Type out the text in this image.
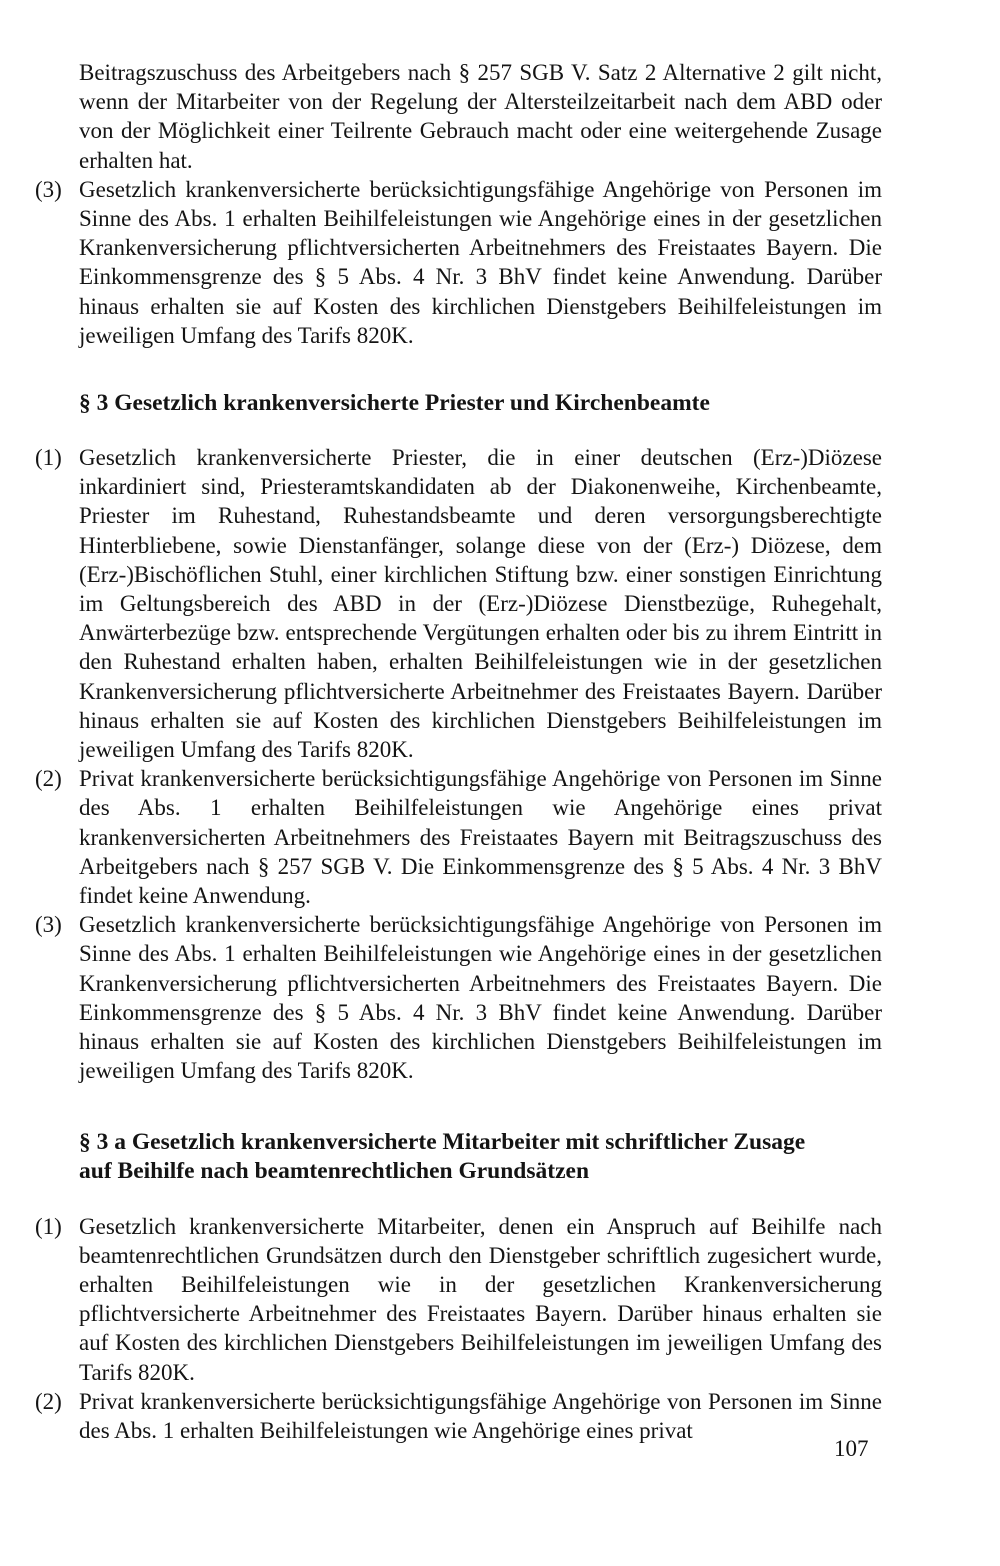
Beitragszuschuss des Arbeitgebers nach § 257 SGB V. Satz 2 Alternative 2 gilt nicht, wenn der Mitarbeiter von der Regelung der Altersteilzeitarbeit nach dem ABD oder von der Möglichkeit einer Teilrente Gebrauch macht oder eine weitergehende Zusage erhalten hat.

(3) Gesetzlich krankenversicherte berücksichtigungsfähige Angehörige von Personen im Sinne des Abs. 1 erhalten Beihilfeleistungen wie Angehörige eines in der gesetzlichen Krankenversicherung pflichtversicherten Arbeitnehmers des Freistaates Bayern. Die Einkommensgrenze des § 5 Abs. 4 Nr. 3 BhV findet keine Anwendung. Darüber hinaus erhalten sie auf Kosten des kirchlichen Dienstgebers Beihilfeleistungen im jeweiligen Umfang des Tarifs 820K.

§ 3 Gesetzlich krankenversicherte Priester und Kirchenbeamte
(1) Gesetzlich krankenversicherte Priester, die in einer deutschen (Erz-)Diözese inkardiniert sind, Priesteramtskandidaten ab der Diakonenweihe, Kirchenbeamte, Priester im Ruhestand, Ruhestandsbeamte und deren versorgungsberechtigte Hinterbliebene, sowie Dienstanfänger, solange diese von der (Erz-) Diözese, dem (Erz-)Bischöflichen Stuhl, einer kirchlichen Stiftung bzw. einer sonstigen Einrichtung im Geltungsbereich des ABD in der (Erz-)Diözese Dienstbezüge, Ruhegehalt, Anwärterbezüge bzw. entsprechende Vergütungen erhalten oder bis zu ihrem Eintritt in den Ruhestand erhalten haben, erhalten Beihilfeleistungen wie in der gesetzlichen Krankenversicherung pflichtversicherte Arbeitnehmer des Freistaates Bayern. Darüber hinaus erhalten sie auf Kosten des kirchlichen Dienstgebers Beihilfeleistungen im jeweiligen Umfang des Tarifs 820K.

(2) Privat krankenversicherte berücksichtigungsfähige Angehörige von Personen im Sinne des Abs. 1 erhalten Beihilfeleistungen wie Angehörige eines privat krankenversicherten Arbeitnehmers des Freistaates Bayern mit Beitragszuschuss des Arbeitgebers nach § 257 SGB V. Die Einkommensgrenze des § 5 Abs. 4 Nr. 3 BhV findet keine Anwendung.

(3) Gesetzlich krankenversicherte berücksichtigungsfähige Angehörige von Personen im Sinne des Abs. 1 erhalten Beihilfeleistungen wie Angehörige eines in der gesetzlichen Krankenversicherung pflichtversicherten Arbeitnehmers des Freistaates Bayern. Die Einkommensgrenze des § 5 Abs. 4 Nr. 3 BhV findet keine Anwendung. Darüber hinaus erhalten sie auf Kosten des kirchlichen Dienstgebers Beihilfeleistungen im jeweiligen Umfang des Tarifs 820K.

§ 3 a Gesetzlich krankenversicherte Mitarbeiter mit schriftlicher Zusage
auf Beihilfe nach beamtenrechtlichen Grundsätzen
(1) Gesetzlich krankenversicherte Mitarbeiter, denen ein Anspruch auf Beihilfe nach beamtenrechtlichen Grundsätzen durch den Dienstgeber schriftlich zugesichert wurde, erhalten Beihilfeleistungen wie in der gesetzlichen Krankenversicherung pflichtversicherte Arbeitnehmer des Freistaates Bayern. Darüber hinaus erhalten sie auf Kosten des kirchlichen Dienstgebers Beihilfeleistungen im jeweiligen Umfang des Tarifs 820K.

(2) Privat krankenversicherte berücksichtigungsfähige Angehörige von Personen im Sinne des Abs. 1 erhalten Beihilfeleistungen wie Angehörige eines privat

107
